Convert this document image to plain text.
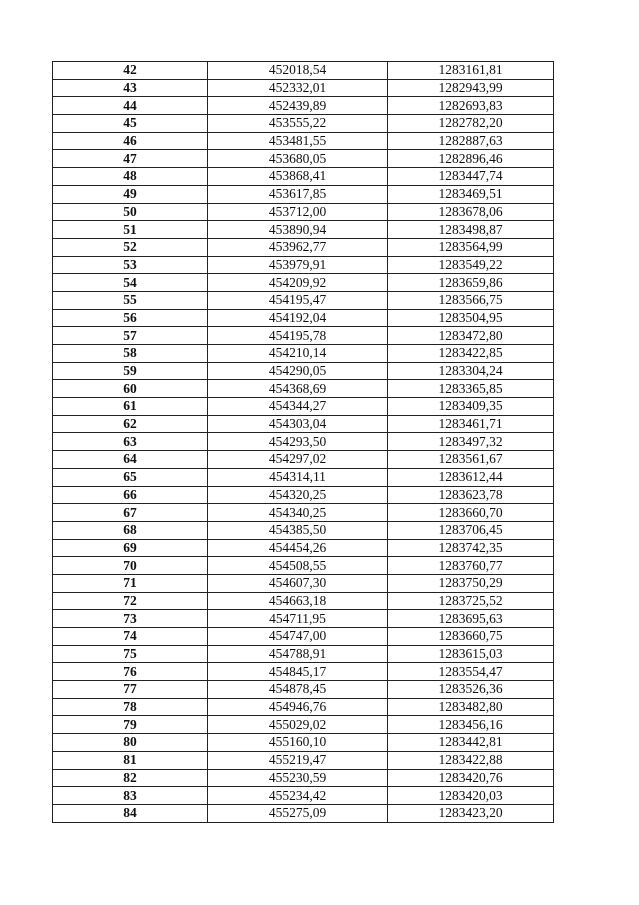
42	452018,54	1283161,81
43	452332,01	1282943,99
44	452439,89	1282693,83
45	453555,22	1282782,20
46	453481,55	1282887,63
47	453680,05	1282896,46
48	453868,41	1283447,74
49	453617,85	1283469,51
50	453712,00	1283678,06
51	453890,94	1283498,87
52	453962,77	1283564,99
53	453979,91	1283549,22
54	454209,92	1283659,86
55	454195,47	1283566,75
56	454192,04	1283504,95
57	454195,78	1283472,80
58	454210,14	1283422,85
59	454290,05	1283304,24
60	454368,69	1283365,85
61	454344,27	1283409,35
62	454303,04	1283461,71
63	454293,50	1283497,32
64	454297,02	1283561,67
65	454314,11	1283612,44
66	454320,25	1283623,78
67	454340,25	1283660,70
68	454385,50	1283706,45
69	454454,26	1283742,35
70	454508,55	1283760,77
71	454607,30	1283750,29
72	454663,18	1283725,52
73	454711,95	1283695,63
74	454747,00	1283660,75
75	454788,91	1283615,03
76	454845,17	1283554,47
77	454878,45	1283526,36
78	454946,76	1283482,80
79	455029,02	1283456,16
80	455160,10	1283442,81
81	455219,47	1283422,88
82	455230,59	1283420,76
83	455234,42	1283420,03
84	455275,09	1283423,20
